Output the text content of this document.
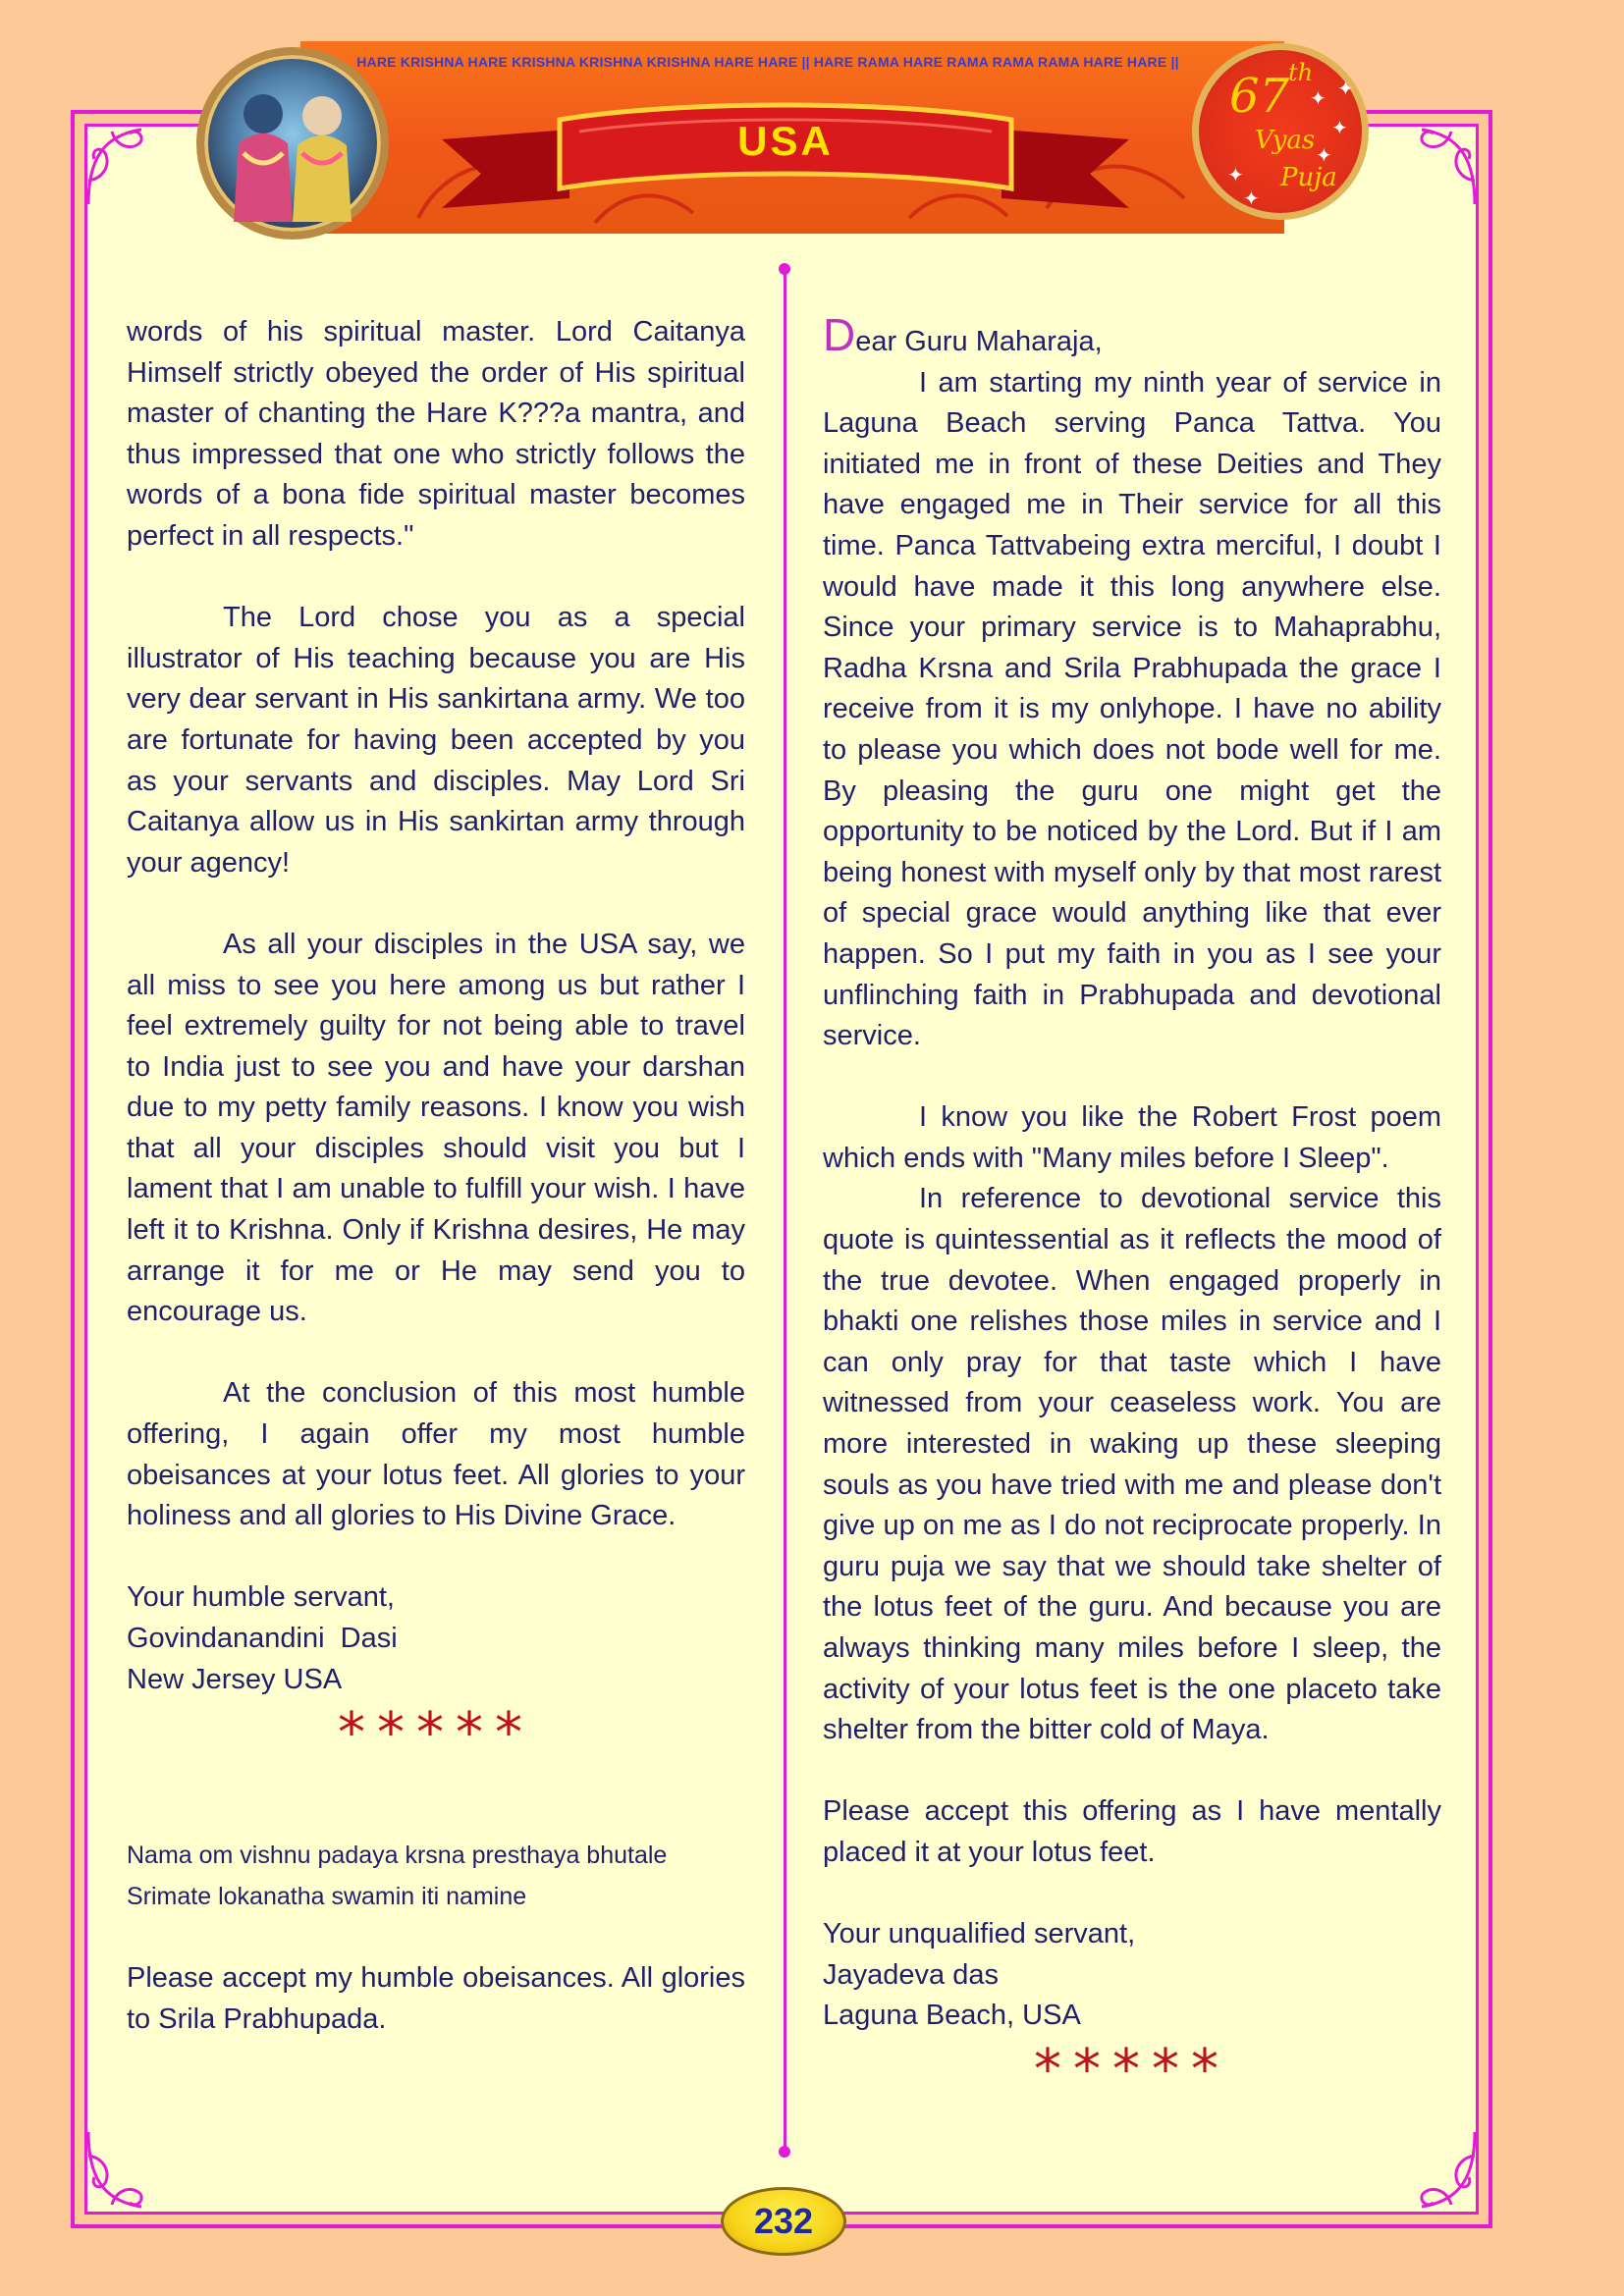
HARE KRISHNA HARE KRISHNA KRISHNA KRISHNA HARE HARE || HARE RAMA HARE RAMA RAMA RAMA HARE HARE ||
USA
67
th
Vyas
Puja
✦
✦
✦
✦
✦
✦

words of his spiritual master. Lord Caitanya Himself strictly obeyed the order of His spiritual master of chanting the Hare K???a mantra, and thus impressed that one who strictly follows the words of a bona fide spiritual master becomes perfect in all respects."

The Lord chose you as a special illustrator of His teaching because you are His very dear servant in His sankirtana army. We too are fortunate for having been accepted by you as your servants and disciples. May Lord Sri Caitanya allow us in His sankirtan army through your agency!

As all your disciples in the USA say, we all miss to see you here among us but rather I feel extremely guilty for not being able to travel to India just to see you and have your darshan due to my petty family reasons. I know you wish that all your disciples should visit you but I lament that I am unable to fulfill your wish. I have left it to Krishna. Only if Krishna desires, He may arrange it for me or He may send you to encourage us.

At the conclusion of this most humble offering, I again offer my most humble obeisances at your lotus feet. All glories to your holiness and all glories to His Divine Grace.

Your humble servant,
Govindanandini  Dasi
New Jersey USA
*****
Nama om vishnu padaya krsna presthaya bhutale
Srimate lokanatha swamin iti namine

Please accept my humble obeisances. All glories to Srila Prabhupada.

Dear Guru Maharaja,

I am starting my ninth year of service in Laguna Beach serving Panca Tattva. You initiated me in front of these Deities and They have engaged me in Their service for all this time. Panca Tattvabeing extra merciful, I doubt I would have made it this long anywhere else. Since your primary service is to Mahaprabhu, Radha Krsna and Srila Prabhupada the grace I receive from it is my onlyhope. I have no ability to please you which does not bode well for me. By pleasing the guru one might get the opportunity to be noticed by the Lord. But if I am being honest with myself only by that most rarest of special grace would anything like that ever happen. So I put my faith in you as I see your unflinching faith in Prabhupada and devotional service.

I know you like the Robert Frost poem which ends with "Many miles before I Sleep".

In reference to devotional service this quote is quintessential as it reflects the mood of the true devotee. When engaged properly in bhakti one relishes those miles in service and I can only pray for that taste which I have witnessed from your ceaseless work. You are more interested in waking up these sleeping souls as you have tried with me and please don't give up on me as I do not reciprocate properly. In guru puja we say that we should take shelter of the lotus feet of the guru. And because you are always thinking many miles before I sleep, the activity of your lotus feet is the one placeto take shelter from the bitter cold of Maya.

Please accept this offering as I have mentally placed it at your lotus feet.

Your unqualified servant,
Jayadeva das
Laguna Beach, USA
*****
232
